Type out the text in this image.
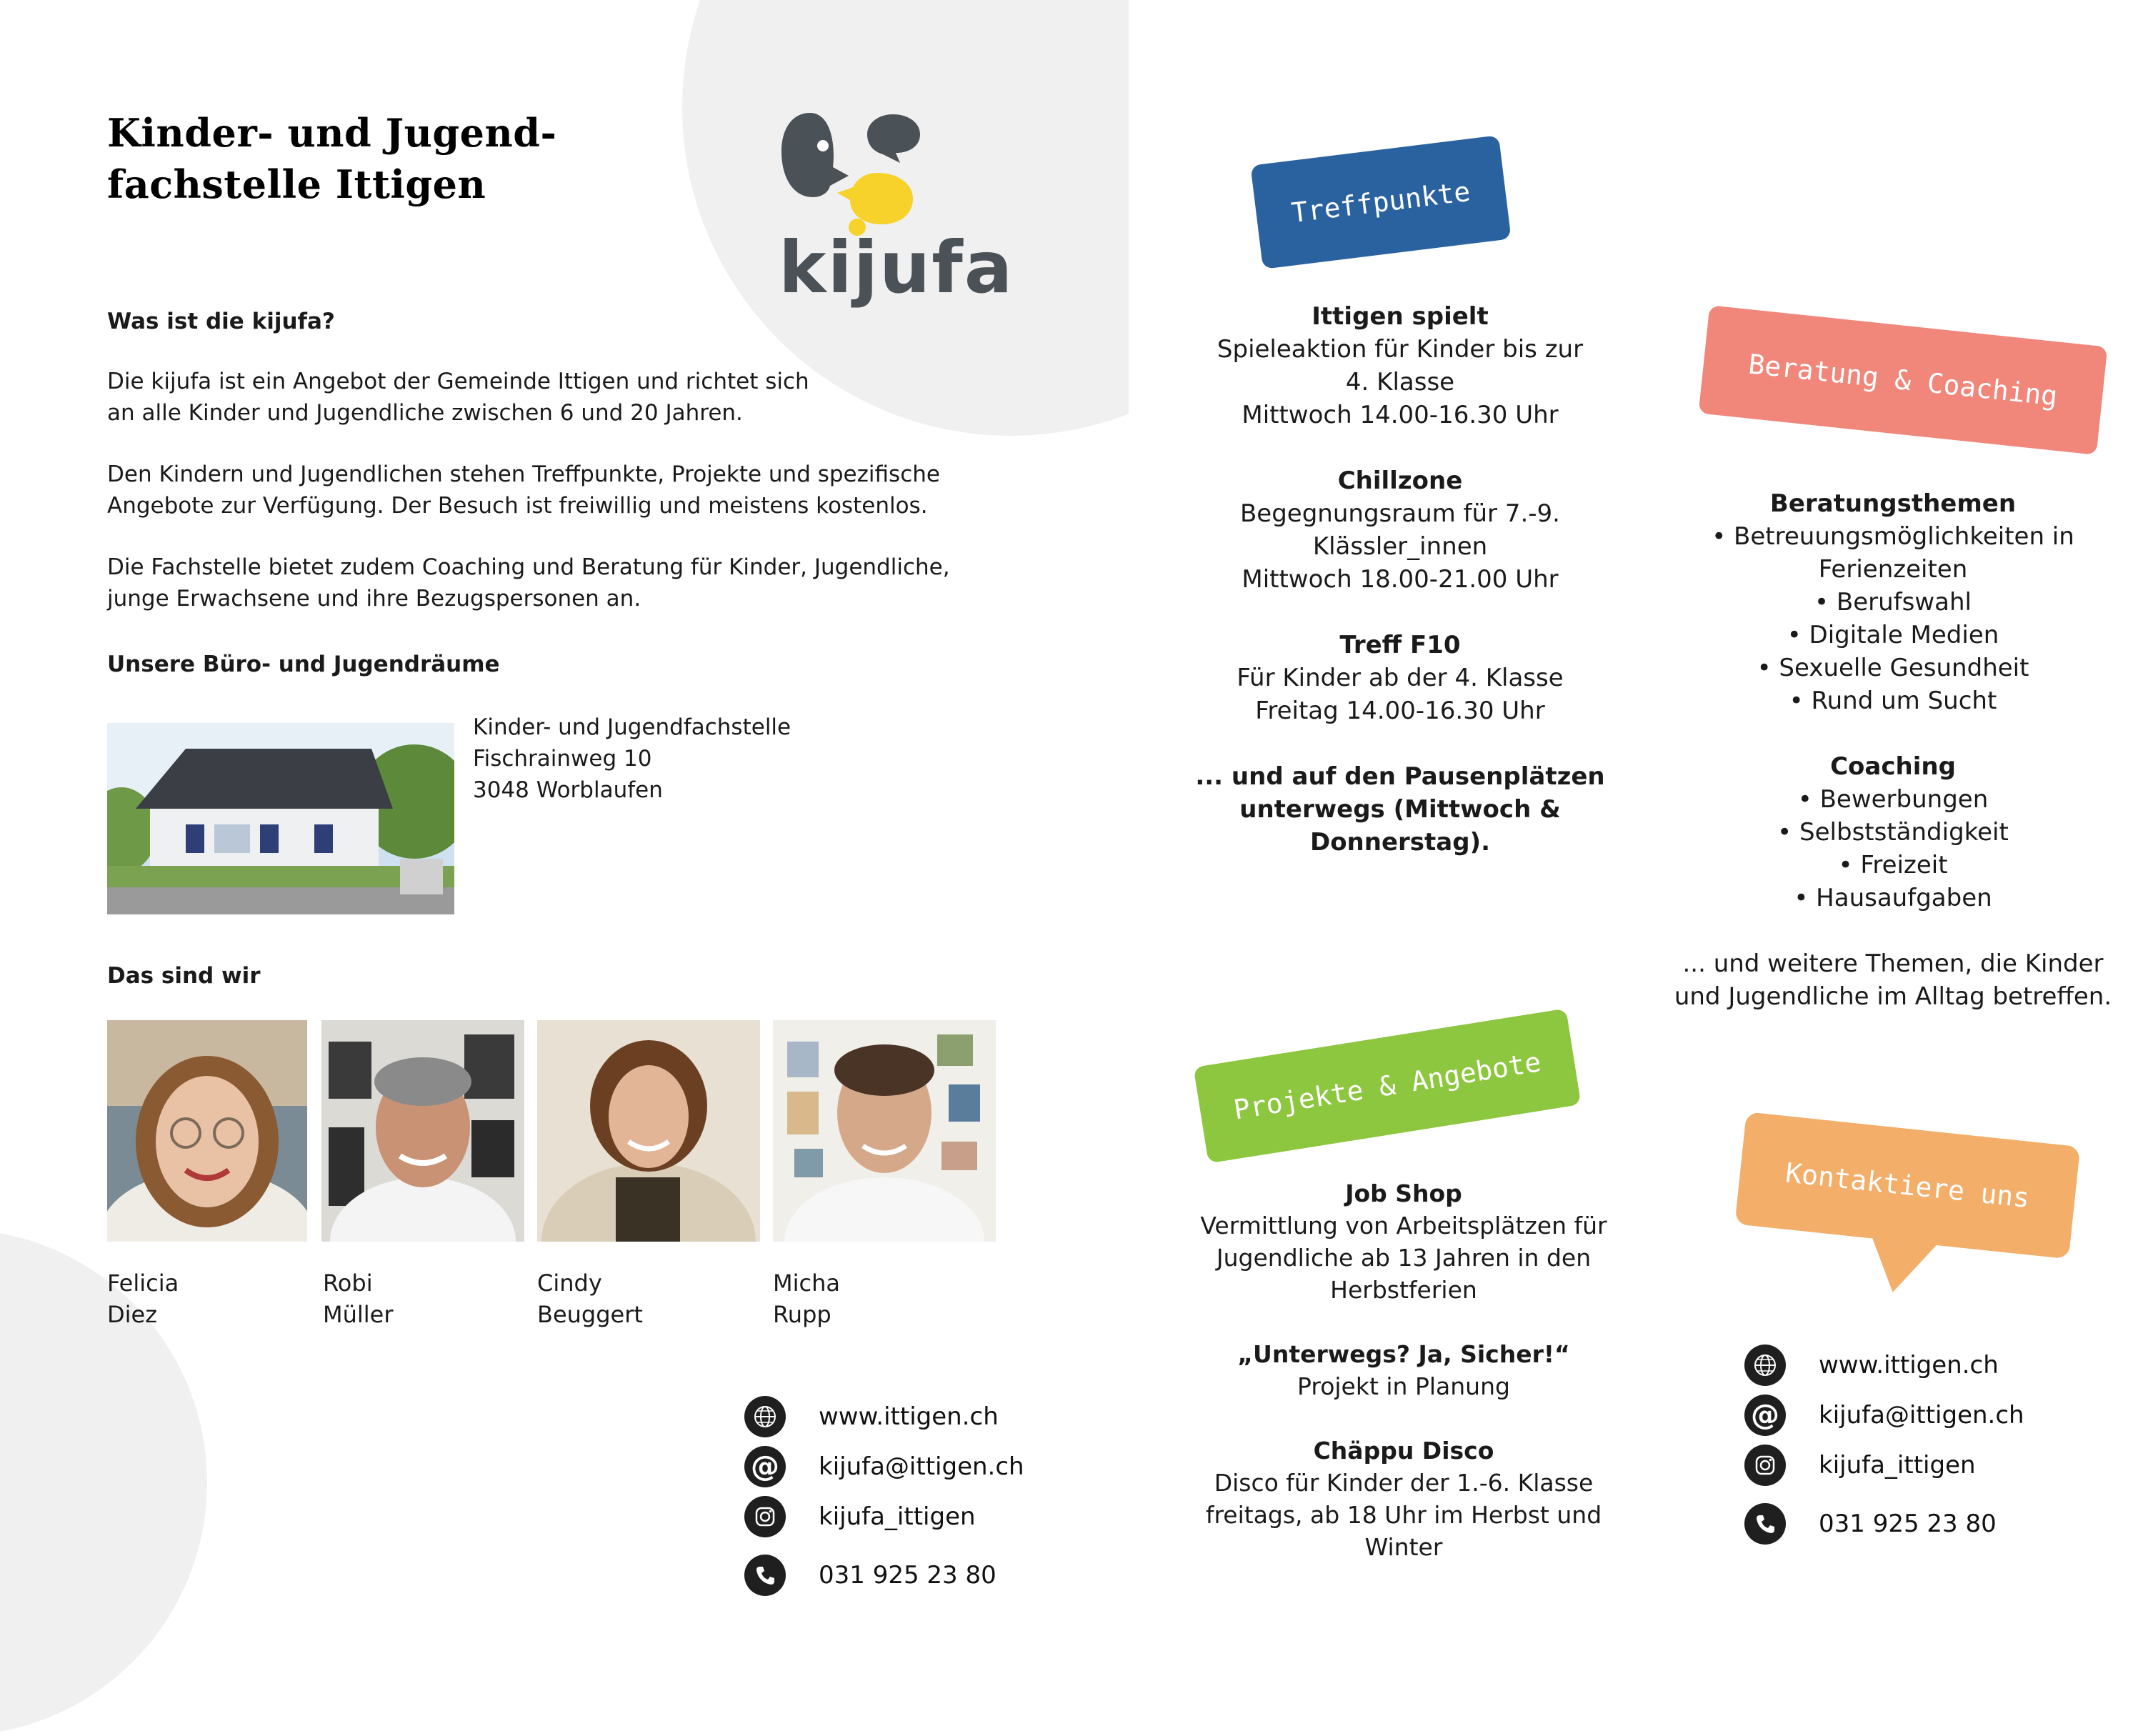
Kinder- und Jugend-
fachstelle Ittigen
kijufa
Was ist die kijufa?
Die kijufa ist ein Angebot der Gemeinde Ittigen und richtet sich
an alle Kinder und Jugendliche zwischen 6 und 20 Jahren.
Den Kindern und Jugendlichen stehen Treffpunkte, Projekte und spezifische
Angebote zur Verfügung. Der Besuch ist freiwillig und meistens kostenlos.
Die Fachstelle bietet zudem Coaching und Beratung für Kinder, Jugendliche,
junge Erwachsene und ihre Bezugspersonen an.
Unsere Büro- und Jugendräume
Kinder- und Jugendfachstelle
Fischrainweg 10
3048 Worblaufen
Das sind wir
Felicia
Diez
Robi
Müller
Cindy
Beuggert
Micha
Rupp
www.ittigen.ch
@ kijufa@ittigen.ch
kijufa_ittigen
031 925 23 80
Treffpunkte
Ittigen spielt
Spieleaktion für Kinder bis zur
4. Klasse
Mittwoch 14.00-16.30 Uhr
Chillzone
Begegnungsraum für 7.-9.
Klässler_innen
Mittwoch 18.00-21.00 Uhr
Treff F10
Für Kinder ab der 4. Klasse
Freitag 14.00-16.30 Uhr
... und auf den Pausenplätzen
unterwegs (Mittwoch &
Donnerstag).
Projekte & Angebote
Job Shop
Vermittlung von Arbeitsplätzen für
Jugendliche ab 13 Jahren in den
Herbstferien
„Unterwegs? Ja, Sicher!“
Projekt in Planung
Chäppu Disco
Disco für Kinder der 1.-6. Klasse
freitags, ab 18 Uhr im Herbst und
Winter
Beratung & Coaching
Beratungsthemen
• Betreuungsmöglichkeiten in
Ferienzeiten
• Berufswahl
• Digitale Medien
• Sexuelle Gesundheit
• Rund um Sucht
Coaching
• Bewerbungen
• Selbstständigkeit
• Freizeit
• Hausaufgaben
... und weitere Themen, die Kinder
und Jugendliche im Alltag betreffen.
Kontaktiere uns
www.ittigen.ch
@ kijufa@ittigen.ch
kijufa_ittigen
031 925 23 80
